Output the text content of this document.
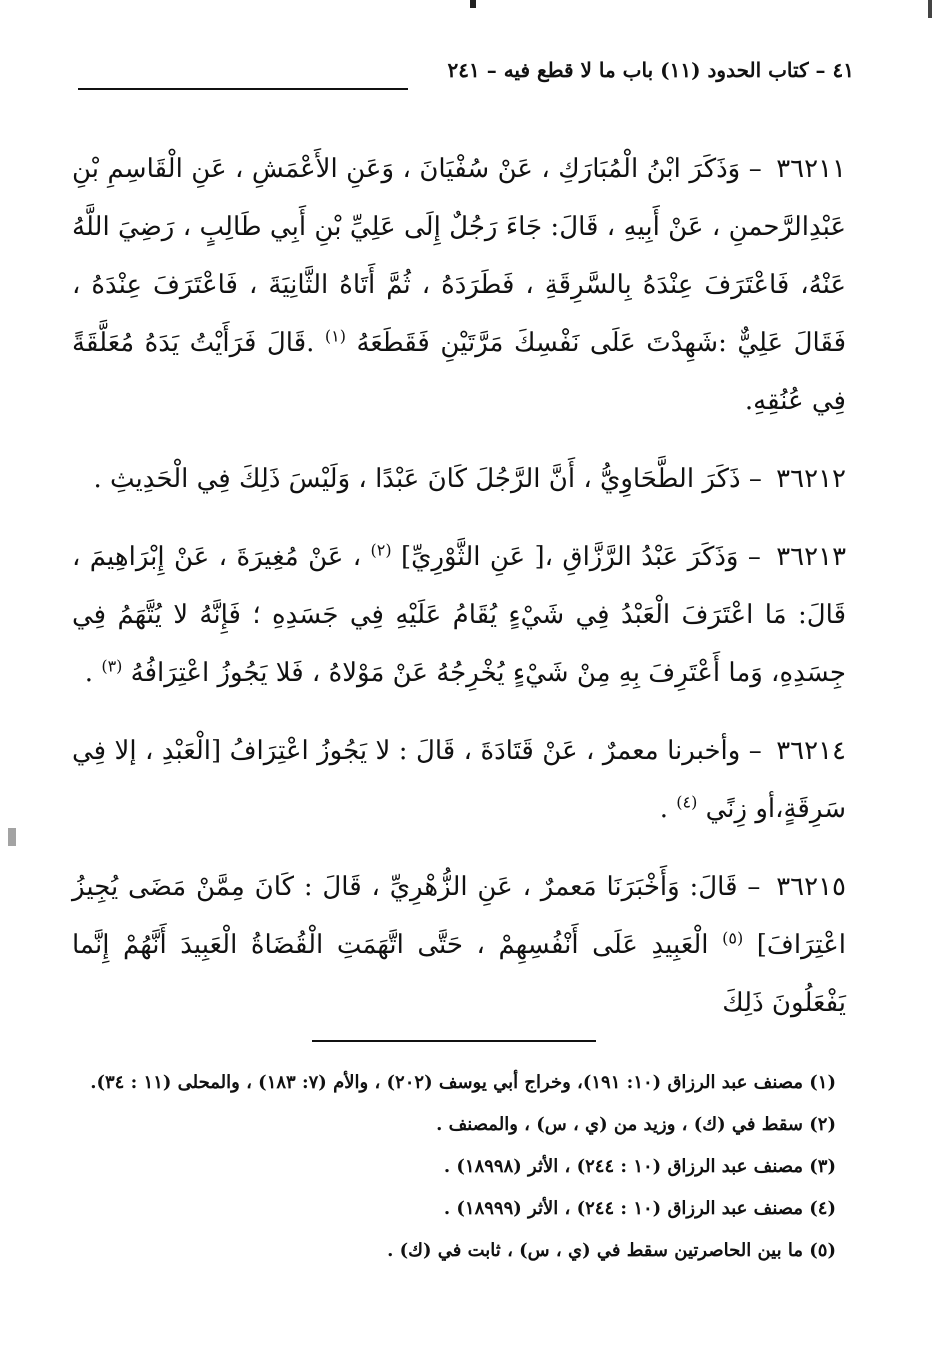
٤١ – كتاب الحدود (١١) باب ما لا قطع فيه – ٢٤١

٣٦٢١١ – وَذَكَرَ ابْنُ الْمُبَارَكِ ، عَنْ سُفْيَانَ ، وَعَنِ الأَعْمَشِ ، عَنِ الْقَاسِمِ بْنِ عَبْدِالرَّحمنِ ، عَنْ أَبِيهِ ، قَالَ: جَاءَ رَجُلٌ إِلَى عَلِيِّ بْنِ أَبِي طَالِبٍ ، رَضِيَ اللَّهُ عَنْهُ، فَاعْتَرَفَ عِنْدَهُ بِالسَّرِقَةِ ، فَطَرَدَهُ ، ثُمَّ أَتَاهُ الثَّانِيَةَ ، فَاعْتَرَفَ عِنْدَهُ ، فَقَالَ عَلِيٌّ :شَهِدْتَ عَلَى نَفْسِكَ مَرَّتَيْنِ فَقَطَعَهُ $^{(١)}$ .قَالَ فَرَأَيْتُ يَدَهُ مُعَلَّقَةً فِي عُنُقِهِ.

٣٦٢١٢ – ذَكَرَ الطَّحَاوِيُّ ، أَنَّ الرَّجُلَ كَانَ عَبْدًا ، وَلَيْسَ ذَلِكَ فِي الْحَدِيثِ .

٣٦٢١٣ – وَذَكَرَ عَبْدُ الرَّزَّاقِ ،[ عَنِ الثَّوْرِيِّ] $^{(٢)}$ ، عَنْ مُغِيرَةَ ، عَنْ إِبْرَاهِيمَ ، قَالَ: مَا اعْتَرَفَ الْعَبْدُ فِي شَيْءٍ يُقَامُ عَلَيْهِ فِي جَسَدِهِ ؛ فَإِنَّهُ لا يُتَّهَمُ فِي جِسَدِهِ، وَما أَعْتَرِفَ بِهِ مِنْ شَيْءٍ يُخْرِجُهُ عَنْ مَوْلاهُ ، فَلا يَجُوزُ اعْتِرَافُهُ $^{(٣)}$ .

٣٦٢١٤ – وأخبرنا معمرٌ ، عَنْ قَتَادَةَ ، قَالَ : لا يَجُوزُ اعْتِرَافُ [الْعَبْدِ ، إلا فِي سَرِقَةٍ،أو زِنًي $^{(٤)}$ .

٣٦٢١٥ – قَالَ: وَأَخْبَرَنَا مَعمرٌ ، عَنِ الزُّهْرِيِّ ، قَالَ : كَانَ مِمَّنْ مَضَى يُجِيزُ اعْتِرَافَ] $^{(٥)}$ الْعَبِيدِ عَلَى أَنْفُسِهِمْ ، حَتَّى اتَّهَمَتِ الْقُضَاةُ الْعَبِيدَ أَنَّهُمْ إِنَّما يَفْعَلُونَ ذَلِكَ

(١) مصنف عبد الرزاق (١٠: ١٩١)، وخراج أبي يوسف (٢٠٢) ، والأم (٧: ١٨٣) ، والمحلى (١١ : ٣٤).

(٢) سقط في (ك) ، وزيد من (ي ، س) ، والمصنف .

(٣) مصنف عبد الرزاق (١٠ : ٢٤٤) ، الأثر (١٨٩٩٨) .

(٤) مصنف عبد الرزاق (١٠ : ٢٤٤) ، الأثر (١٨٩٩٩) .

(٥) ما بين الحاصرتين سقط في (ي ، س) ، ثابت في (ك) .
